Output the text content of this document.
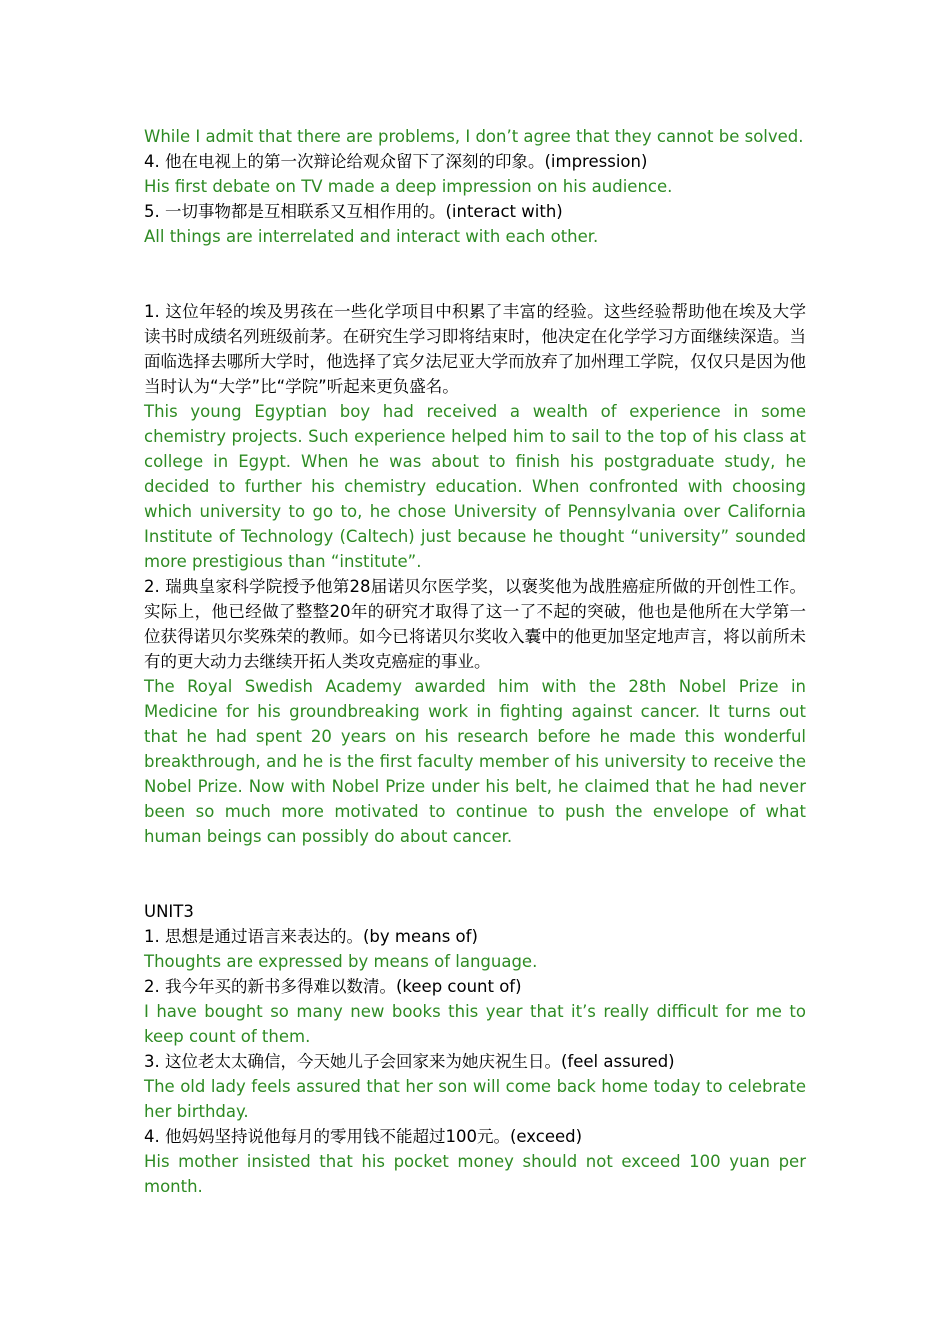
While I admit that there are problems, I don’t agree that they cannot be solved.

4. 他在电视上的第一次辩论给观众留下了深刻的印象。(impression)

His first debate on TV made a deep impression on his audience.

5. 一切事物都是互相联系又互相作用的。(interact with)

All things are interrelated and interact with each other.

1. 这位年轻的埃及男孩在一些化学项目中积累了丰富的经验。这些经验帮助他在埃及大学读书时成绩名列班级前茅。在研究生学习即将结束时，他决定在化学学习方面继续深造。当面临选择去哪所大学时，他选择了宾夕法尼亚大学而放弃了加州理工学院，仅仅只是因为他当时认为“大学”比“学院”听起来更负盛名。

This young Egyptian boy had received a wealth of experience in some chemistry projects. Such experience helped him to sail to the top of his class at college in Egypt. When he was about to finish his postgraduate study, he decided to further his chemistry education. When confronted with choosing which university to go to, he chose University of Pennsylvania over California Institute of Technology (Caltech) just because he thought “university” sounded more prestigious than “institute”.

2. 瑞典皇家科学院授予他第28届诺贝尔医学奖，以褒奖他为战胜癌症所做的开创性工作。实际上，他已经做了整整20年的研究才取得了这一了不起的突破，他也是他所在大学第一位获得诺贝尔奖殊荣的教师。如今已将诺贝尔奖收入囊中的他更加坚定地声言，将以前所未有的更大动力去继续开拓人类攻克癌症的事业。

The Royal Swedish Academy awarded him with the 28th Nobel Prize in Medicine for his groundbreaking work in fighting against cancer. It turns out that he had spent 20 years on his research before he made this wonderful breakthrough, and he is the first faculty member of his university to receive the Nobel Prize. Now with Nobel Prize under his belt, he claimed that he had never been so much more motivated to continue to push the envelope of what human beings can possibly do about cancer.

UNIT3

1. 思想是通过语言来表达的。(by means of)

Thoughts are expressed by means of language.

2. 我今年买的新书多得难以数清。(keep count of)

I have bought so many new books this year that it’s really difficult for me to keep count of them.

3. 这位老太太确信，今天她儿子会回家来为她庆祝生日。(feel assured)

The old lady feels assured that her son will come back home today to celebrate her birthday.

4. 他妈妈坚持说他每月的零用钱不能超过100元。(exceed)

His mother insisted that his pocket money should not exceed 100 yuan per month.
